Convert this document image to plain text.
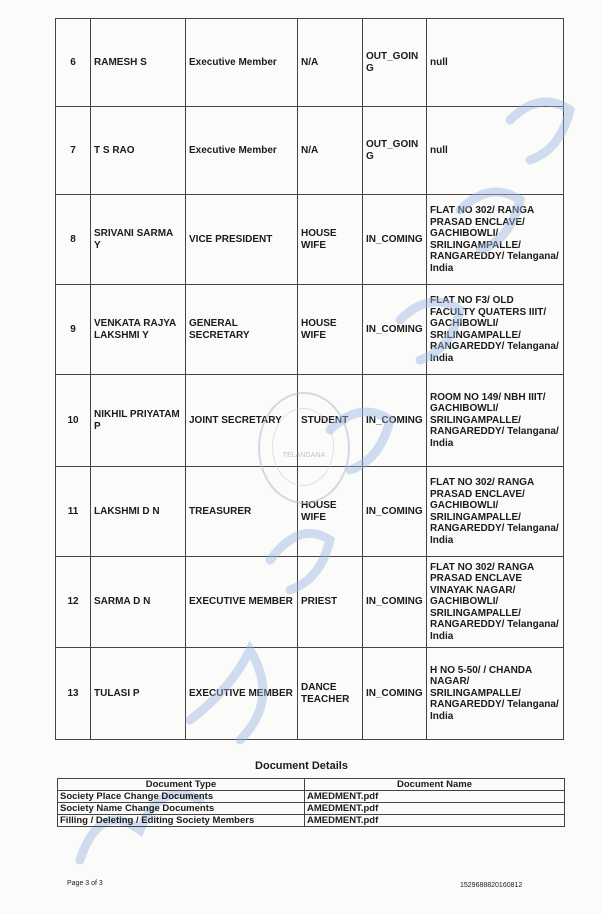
6	RAMESH S	Executive Member	N/A	OUT_GOIN G	null
7	T S RAO	Executive Member	N/A	OUT_GOIN G	null
8	SRIVANI SARMA Y	VICE PRESIDENT	HOUSE WIFE	IN_COMING	FLAT NO 302/ RANGA PRASAD ENCLAVE/ GACHIBOWLI/ SRILINGAMPALLE/ RANGAREDDY/ Telangana/ India
9	VENKATA RAJYA LAKSHMI Y	GENERAL SECRETARY	HOUSE WIFE	IN_COMING	FLAT NO F3/ OLD FACULTY QUATERS IIIT/ GACHIBOWLI/ SRILINGAMPALLE/ RANGAREDDY/ Telangana/ India
10	NIKHIL PRIYATAM P	JOINT SECRETARY	STUDENT	IN_COMING	ROOM NO 149/ NBH IIIT/ GACHIBOWLI/ SRILINGAMPALLE/ RANGAREDDY/ Telangana/ India
11	LAKSHMI D N	TREASURER	HOUSE WIFE	IN_COMING	FLAT NO 302/ RANGA PRASAD ENCLAVE/ GACHIBOWLI/ SRILINGAMPALLE/ RANGAREDDY/ Telangana/ India
12	SARMA D N	EXECUTIVE MEMBER	PRIEST	IN_COMING	FLAT NO 302/ RANGA PRASAD ENCLAVE VINAYAK NAGAR/ GACHIBOWLI/ SRILINGAMPALLE/ RANGAREDDY/ Telangana/ India
13	TULASI P	EXECUTIVE MEMBER	DANCE TEACHER	IN_COMING	H NO 5-50/ / CHANDA NAGAR/ SRILINGAMPALLE/ RANGAREDDY/ Telangana/ India
TELANGANA
Document Details
Document Type	Document Name
Society Place Change Documents	AMEDMENT.pdf
Society Name Change Documents	AMEDMENT.pdf
Filling / Deleting / Editing Society Members	AMEDMENT.pdf
Page 3 of 3	1529688820160812
